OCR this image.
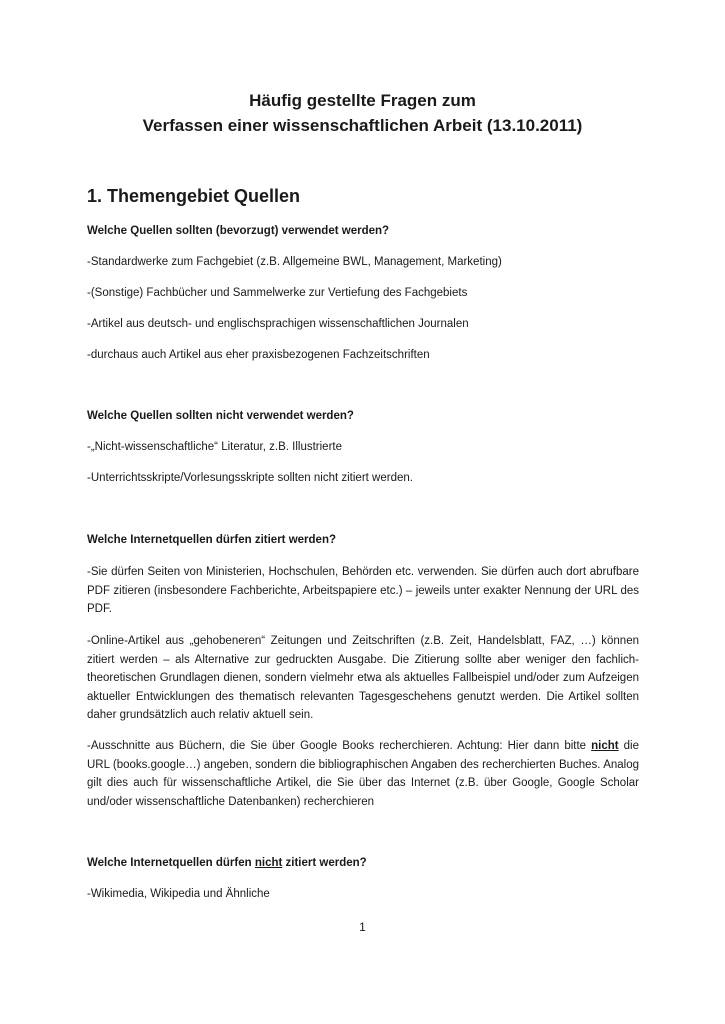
Häufig gestellte Fragen zum
Verfassen einer wissenschaftlichen Arbeit (13.10.2011)
1. Themengebiet Quellen
Welche Quellen sollten (bevorzugt) verwendet werden?
-Standardwerke zum Fachgebiet (z.B. Allgemeine BWL, Management, Marketing)
-(Sonstige) Fachbücher und Sammelwerke zur Vertiefung des Fachgebiets
-Artikel aus deutsch- und englischsprachigen wissenschaftlichen Journalen
-durchaus auch Artikel aus eher praxisbezogenen Fachzeitschriften
Welche Quellen sollten nicht verwendet werden?
-„Nicht-wissenschaftliche“ Literatur, z.B. Illustrierte
-Unterrichtsskripte/Vorlesungsskripte sollten nicht zitiert werden.
Welche Internetquellen dürfen zitiert werden?
-Sie dürfen Seiten von Ministerien, Hochschulen, Behörden etc. verwenden. Sie dürfen auch dort abrufbare PDF zitieren (insbesondere Fachberichte, Arbeitspapiere etc.) – jeweils unter exakter Nennung der URL des PDF.
-Online-Artikel aus „gehobeneren“ Zeitungen und Zeitschriften (z.B. Zeit, Handelsblatt, FAZ, …) können zitiert werden – als Alternative zur gedruckten Ausgabe. Die Zitierung sollte aber weniger den fachlich-theoretischen Grundlagen dienen, sondern vielmehr etwa als aktuelles Fallbeispiel und/oder zum Aufzeigen aktueller Entwicklungen des thematisch relevanten Tagesgeschehens genutzt werden. Die Artikel sollten daher grundsätzlich auch relativ aktuell sein.
-Ausschnitte aus Büchern, die Sie über Google Books recherchieren. Achtung: Hier dann bitte nicht die URL (books.google…) angeben, sondern die bibliographischen Angaben des recherchierten Buches. Analog gilt dies auch für wissenschaftliche Artikel, die Sie über das Internet (z.B. über Google, Google Scholar und/oder wissenschaftliche Datenbanken) recherchieren
Welche Internetquellen dürfen nicht zitiert werden?
-Wikimedia, Wikipedia und Ähnliche
1
